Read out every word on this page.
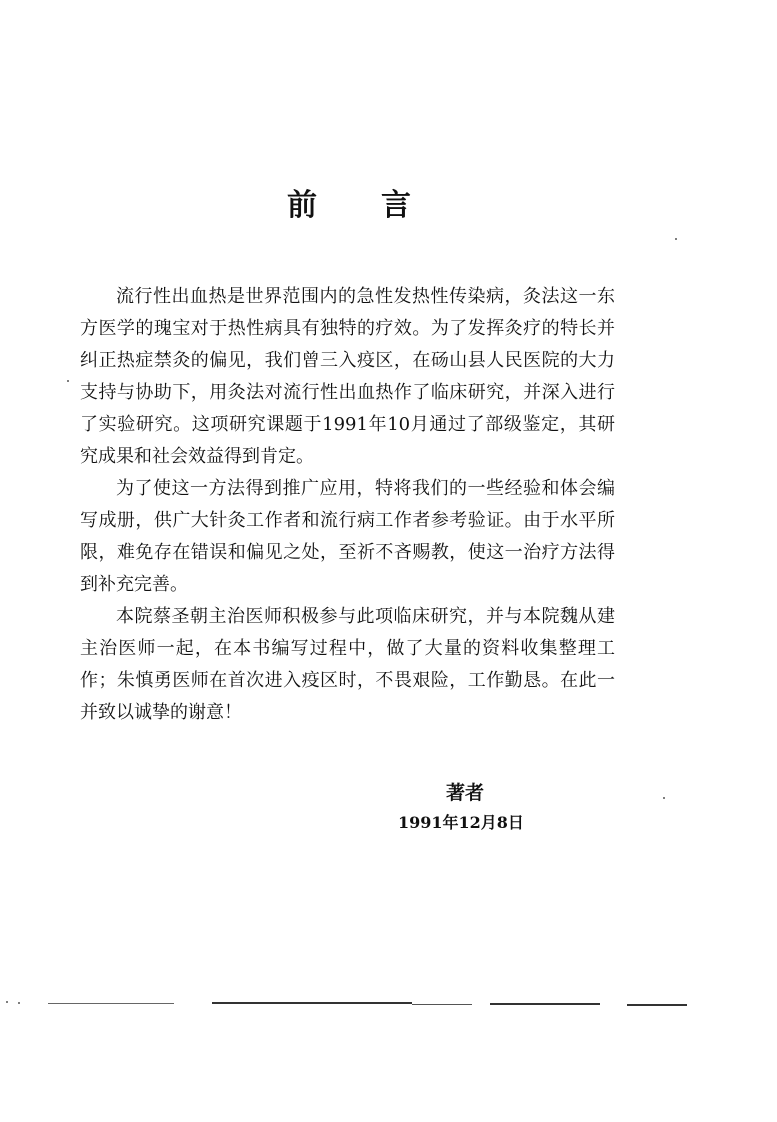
前 言

流行性出血热是世界范围内的急性发热性传染病，灸法这一东方医学的瑰宝对于热性病具有独特的疗效。为了发挥灸疗的特长并纠正热症禁灸的偏见，我们曾三入疫区，在砀山县人民医院的大力支持与协助下，用灸法对流行性出血热作了临床研究，并深入进行了实验研究。这项研究课题于1991年10月通过了部级鉴定，其研究成果和社会效益得到肯定。

为了使这一方法得到推广应用，特将我们的一些经验和体会编写成册，供广大针灸工作者和流行病工作者参考验证。由于水平所限，难免存在错误和偏见之处，至祈不吝赐教，使这一治疗方法得到补充完善。

本院蔡圣朝主治医师积极参与此项临床研究，并与本院魏从建主治医师一起，在本书编写过程中，做了大量的资料收集整理工作；朱慎勇医师在首次进入疫区时，不畏艰险，工作勤恳。在此一并致以诚挚的谢意！

著者
1991年12月8日
